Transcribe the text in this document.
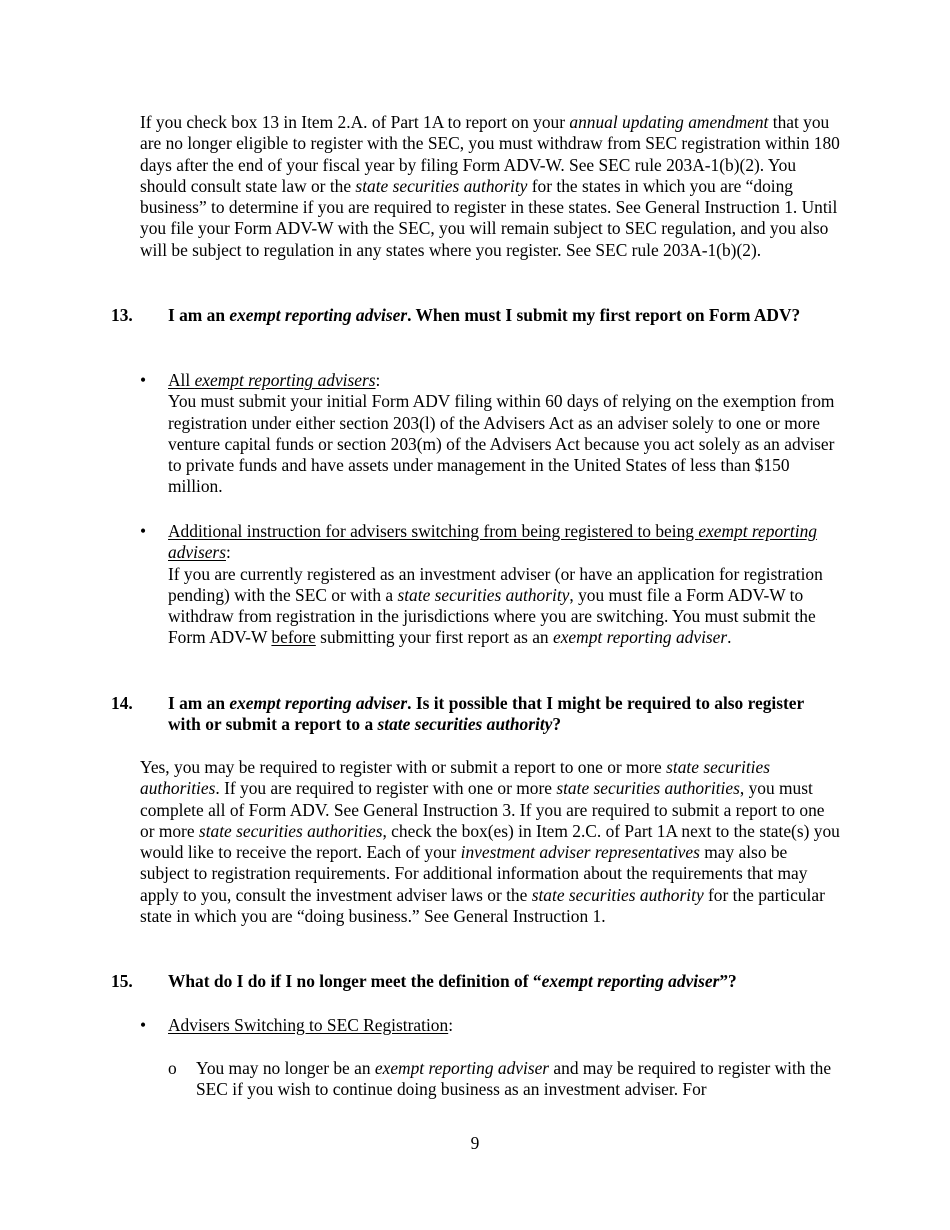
If you check box 13 in Item 2.A. of Part 1A to report on your annual updating amendment that you are no longer eligible to register with the SEC, you must withdraw from SEC registration within 180 days after the end of your fiscal year by filing Form ADV-W. See SEC rule 203A-1(b)(2). You should consult state law or the state securities authority for the states in which you are “doing business” to determine if you are required to register in these states. See General Instruction 1. Until you file your Form ADV-W with the SEC, you will remain subject to SEC regulation, and you also will be subject to regulation in any states where you register. See SEC rule 203A-1(b)(2).

13. I am an exempt reporting adviser. When must I submit my first report on Form ADV?
• All exempt reporting advisers:
You must submit your initial Form ADV filing within 60 days of relying on the exemption from registration under either section 203(l) of the Advisers Act as an adviser solely to one or more venture capital funds or section 203(m) of the Advisers Act because you act solely as an adviser to private funds and have assets under management in the United States of less than $150 million.
• Additional instruction for advisers switching from being registered to being exempt reporting advisers:
If you are currently registered as an investment adviser (or have an application for registration pending) with the SEC or with a state securities authority, you must file a Form ADV-W to withdraw from registration in the jurisdictions where you are switching. You must submit the Form ADV-W before submitting your first report as an exempt reporting adviser.
14. I am an exempt reporting adviser. Is it possible that I might be required to also register with or submit a report to a state securities authority?

Yes, you may be required to register with or submit a report to one or more state securities authorities. If you are required to register with one or more state securities authorities, you must complete all of Form ADV. See General Instruction 3. If you are required to submit a report to one or more state securities authorities, check the box(es) in Item 2.C. of Part 1A next to the state(s) you would like to receive the report. Each of your investment adviser representatives may also be subject to registration requirements. For additional information about the requirements that may apply to you, consult the investment adviser laws or the state securities authority for the particular state in which you are “doing business.” See General Instruction 1.

15. What do I do if I no longer meet the definition of “exempt reporting adviser”?
• Advisers Switching to SEC Registration:
o You may no longer be an exempt reporting adviser and may be required to register with the SEC if you wish to continue doing business as an investment adviser. For
9
